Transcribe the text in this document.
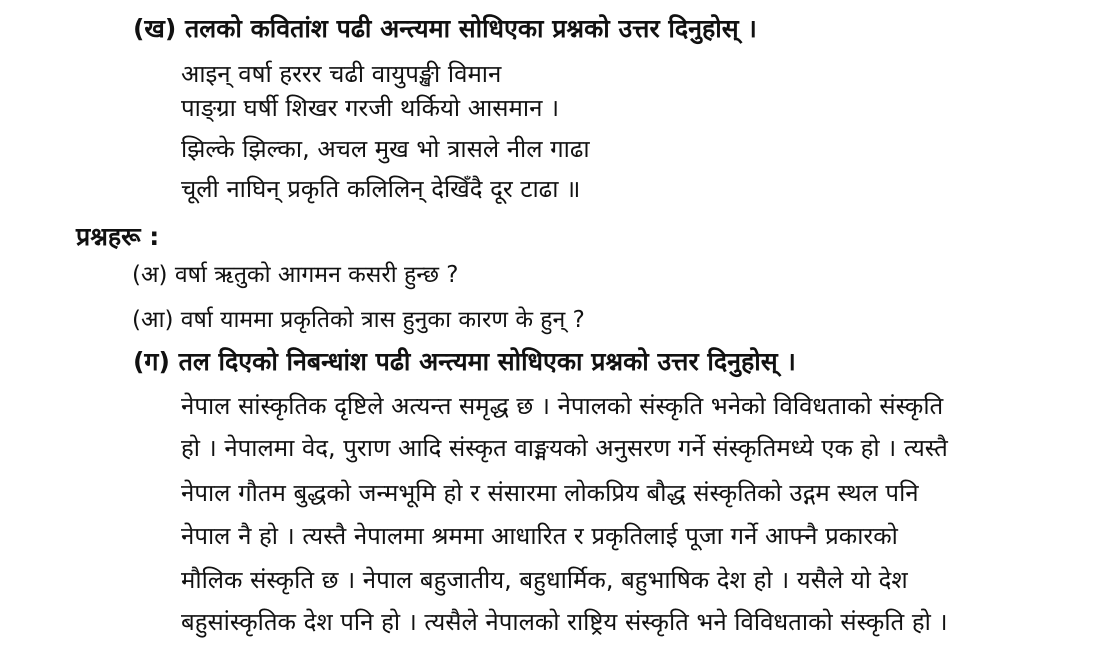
(ख) तलको कवितांश पढी अन्त्यमा सोधिएका प्रश्नको उत्तर दिनुहोस् ।
आइन् वर्षा हररर चढी वायुपङ्खी विमान
पाङ्ग्रा घर्षी शिखर गरजी थर्कियो आसमान ।
झिल्के झिल्का, अचल मुख भो त्रासले नील गाढा
चूली नाघिन् प्रकृति कलिलिन् देखिँदै दूर टाढा ॥
प्रश्नहरू :
(अ) वर्षा ऋतुको आगमन कसरी हुन्छ ?
(आ) वर्षा याममा प्रकृतिको त्रास हुनुका कारण के हुन् ?
(ग) तल दिएको निबन्धांश पढी अन्त्यमा सोधिएका प्रश्नको उत्तर दिनुहोस् ।
नेपाल सांस्कृतिक दृष्टिले अत्यन्त समृद्ध छ । नेपालको संस्कृति भनेको विविधताको संस्कृति
हो । नेपालमा वेद, पुराण आदि संस्कृत वाङ्मयको अनुसरण गर्ने संस्कृतिमध्ये एक हो । त्यस्तै
नेपाल गौतम बुद्धको जन्मभूमि हो र संसारमा लोकप्रिय बौद्ध संस्कृतिको उद्गम स्थल पनि
नेपाल नै हो । त्यस्तै नेपालमा श्रममा आधारित र प्रकृतिलाई पूजा गर्ने आफ्नै प्रकारको
मौलिक संस्कृति छ । नेपाल बहुजातीय, बहुधार्मिक, बहुभाषिक देश हो । यसैले यो देश
बहुसांस्कृतिक देश पनि हो । त्यसैले नेपालको राष्ट्रिय संस्कृति भने विविधताको संस्कृति हो ।
